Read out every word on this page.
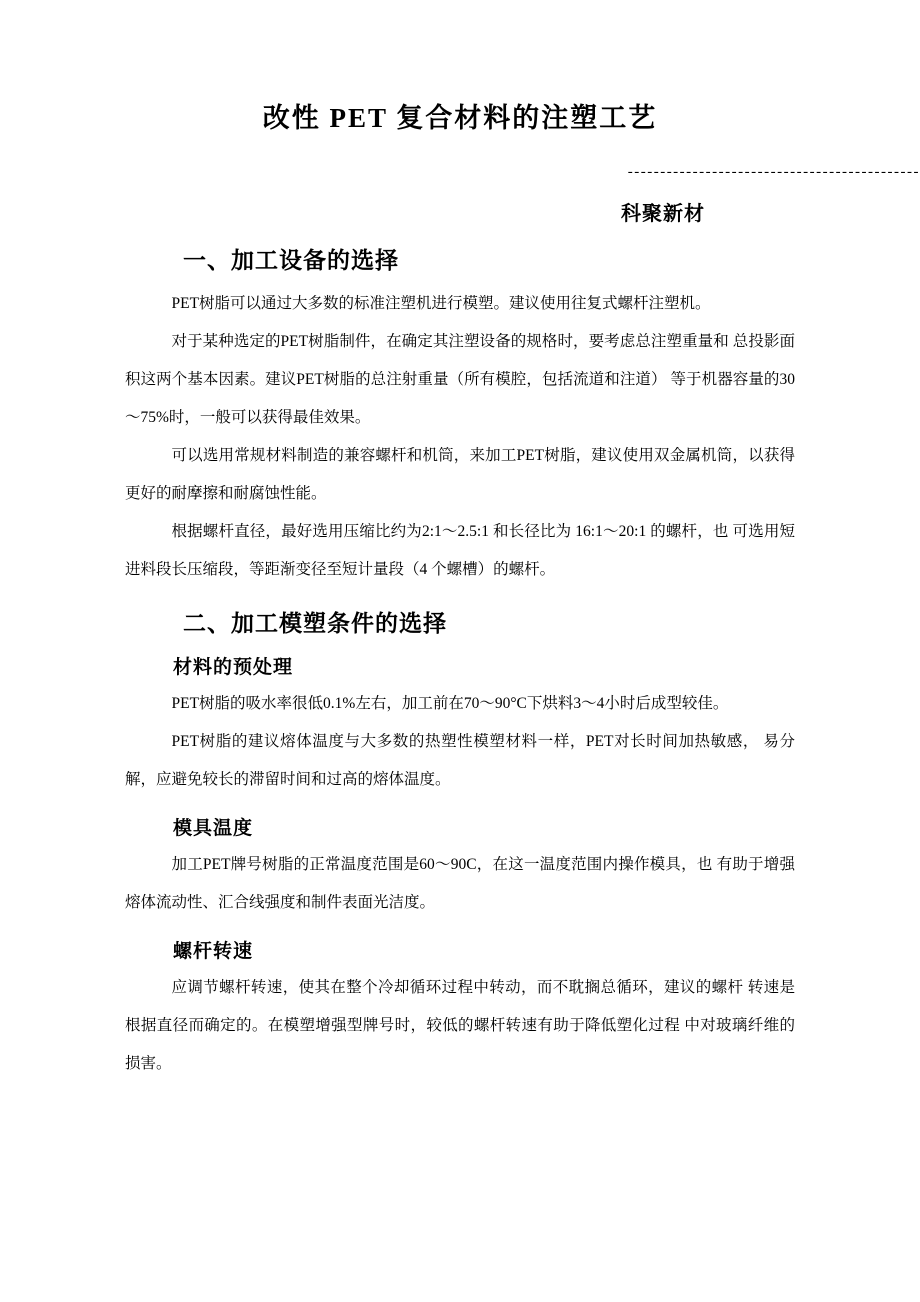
改性 PET 复合材料的注塑工艺
---------------------------------------------
科聚新材
一、加工设备的选择

PET树脂可以通过大多数的标准注塑机进行模塑。建议使用往复式螺杆注塑机。

对于某种选定的PET树脂制件，在确定其注塑设备的规格时，要考虑总注塑重量和 总投影面积这两个基本因素。建议PET树脂的总注射重量（所有模腔，包括流道和注道） 等于机器容量的30～75%时，一般可以获得最佳效果。

可以选用常规材料制造的兼容螺杆和机筒，来加工PET树脂，建议使用双金属机筒，以获得更好的耐摩擦和耐腐蚀性能。

根据螺杆直径，最好选用压缩比约为2:1～2.5:1 和长径比为 16:1～20:1 的螺杆，也 可选用短进料段长压缩段，等距渐变径至短计量段（4 个螺槽）的螺杆。

二、加工模塑条件的选择
材料的预处理

PET树脂的吸水率很低0.1%左右，加工前在70～90°C下烘料3～4小时后成型较佳。

PET树脂的建议熔体温度与大多数的热塑性模塑材料一样，PET对长时间加热敏感， 易分解，应避免较长的滞留时间和过高的熔体温度。

模具温度

加工PET牌号树脂的正常温度范围是60～90C，在这一温度范围内操作模具，也 有助于增强熔体流动性、汇合线强度和制件表面光洁度。

螺杆转速

应调节螺杆转速，使其在整个冷却循环过程中转动，而不耽搁总循环，建议的螺杆 转速是根据直径而确定的。在模塑增强型牌号时，较低的螺杆转速有助于降低塑化过程 中对玻璃纤维的损害。
